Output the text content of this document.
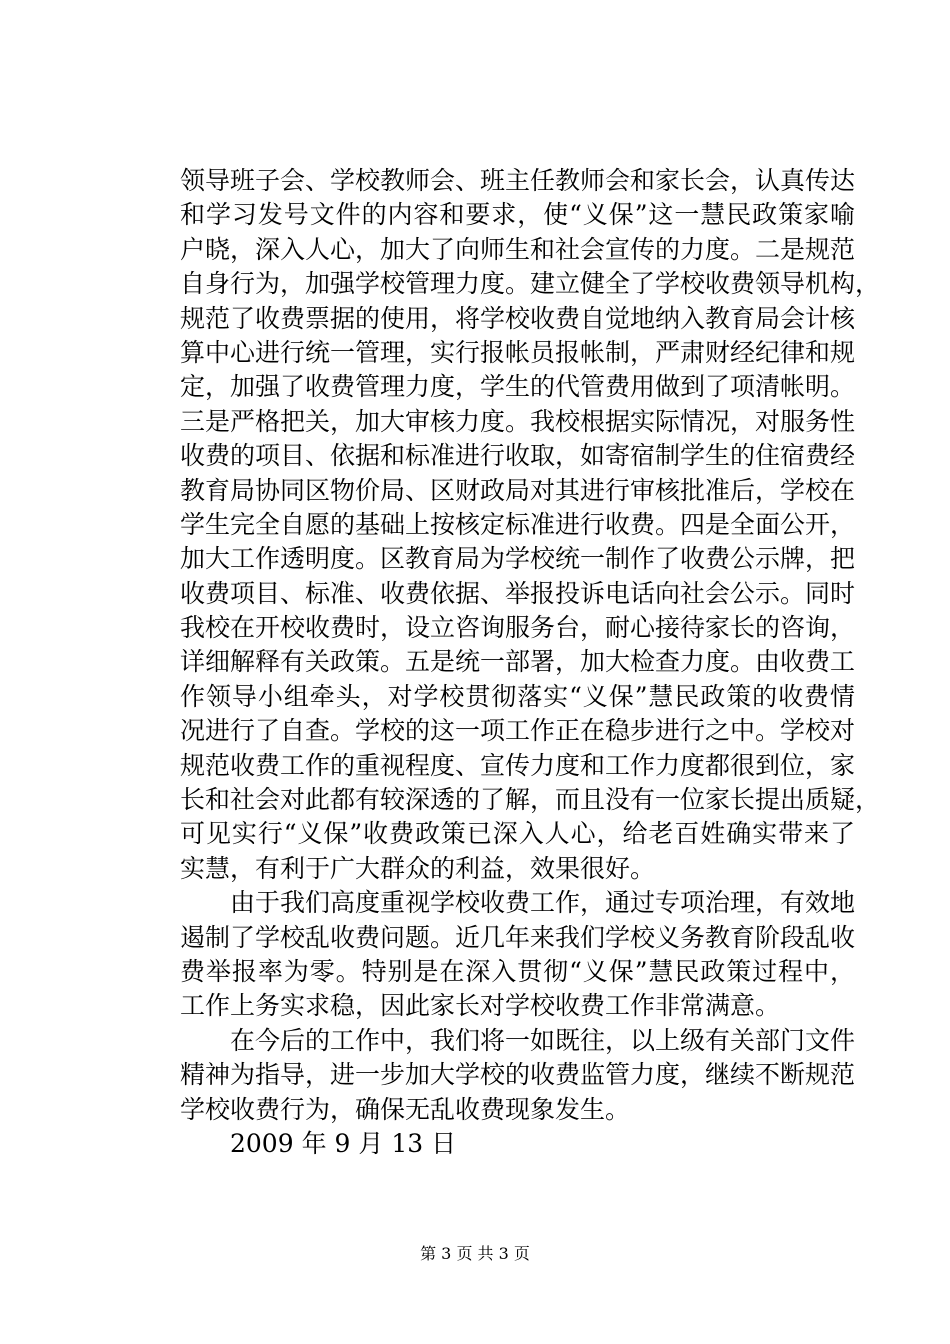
领导班子会、学校教师会、班主任教师会和家长会，认真传达
和学习发号文件的内容和要求，使“义保”这一慧民政策家喻
户晓，深入人心，加大了向师生和社会宣传的力度。二是规范
自身行为，加强学校管理力度。建立健全了学校收费领导机构，
规范了收费票据的使用，将学校收费自觉地纳入教育局会计核
算中心进行统一管理，实行报帐员报帐制，严肃财经纪律和规
定，加强了收费管理力度，学生的代管费用做到了项清帐明。
三是严格把关，加大审核力度。我校根据实际情况，对服务性
收费的项目、依据和标准进行收取，如寄宿制学生的住宿费经
教育局协同区物价局、区财政局对其进行审核批准后，学校在
学生完全自愿的基础上按核定标准进行收费。四是全面公开，
加大工作透明度。区教育局为学校统一制作了收费公示牌，把
收费项目、标准、收费依据、举报投诉电话向社会公示。同时
我校在开校收费时，设立咨询服务台，耐心接待家长的咨询，
详细解释有关政策。五是统一部署，加大检查力度。由收费工
作领导小组牵头，对学校贯彻落实“义保”慧民政策的收费情
况进行了自查。学校的这一项工作正在稳步进行之中。学校对
规范收费工作的重视程度、宣传力度和工作力度都很到位，家
长和社会对此都有较深透的了解，而且没有一位家长提出质疑，
可见实行“义保”收费政策已深入人心，给老百姓确实带来了
实慧，有利于广大群众的利益，效果很好。
　　由于我们高度重视学校收费工作，通过专项治理，有效地
遏制了学校乱收费问题。近几年来我们学校义务教育阶段乱收
费举报率为零。特别是在深入贯彻“义保”慧民政策过程中，
工作上务实求稳，因此家长对学校收费工作非常满意。
　　在今后的工作中，我们将一如既往，以上级有关部门文件
精神为指导，进一步加大学校的收费监管力度，继续不断规范
学校收费行为，确保无乱收费现象发生。
　　2009 年 9 月 13 日
第 3 页 共 3 页
